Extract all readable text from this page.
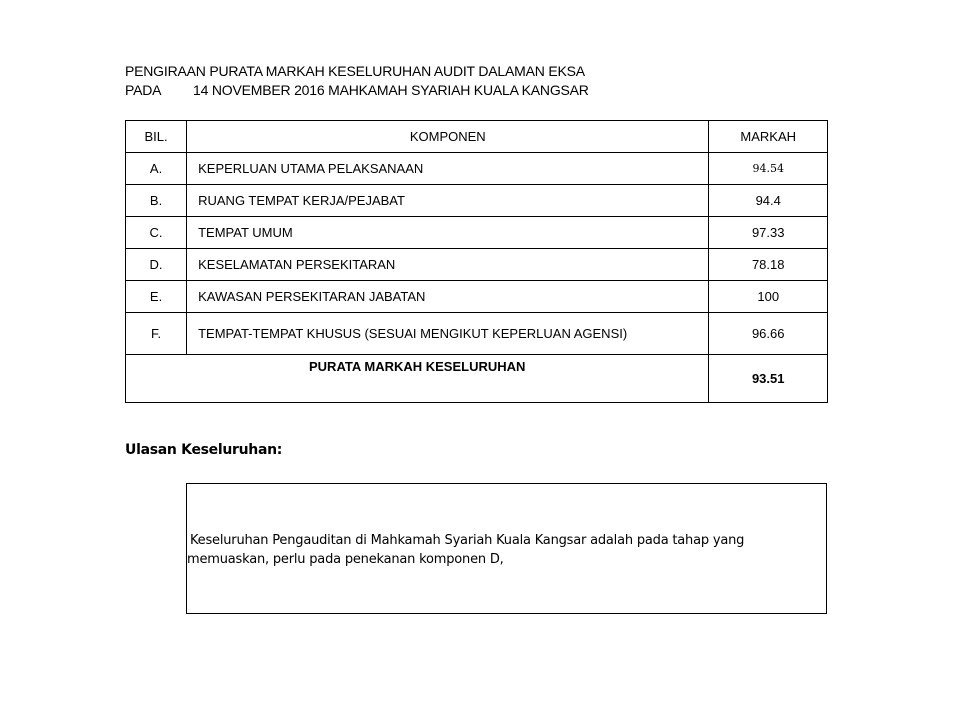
PENGIRAAN PURATA MARKAH KESELURUHAN AUDIT DALAMAN EKSA
PADA 14 NOVEMBER 2016 MAHKAMAH SYARIAH KUALA KANGSAR
BIL.	KOMPONEN	MARKAH
A.	KEPERLUAN UTAMA PELAKSANAAN	94.54
B.	RUANG TEMPAT KERJA/PEJABAT	94.4
C.	TEMPAT UMUM	97.33
D.	KESELAMATAN PERSEKITARAN	78.18
E.	KAWASAN PERSEKITARAN JABATAN	100
F.	TEMPAT-TEMPAT KHUSUS (SESUAI MENGIKUT KEPERLUAN AGENSI)	96.66
PURATA MARKAH KESELURUHAN		93.51
Ulasan Keseluruhan:
Keseluruhan Pengauditan di Mahkamah Syariah Kuala Kangsar adalah pada tahap yang
memuaskan, perlu pada penekanan komponen D,
